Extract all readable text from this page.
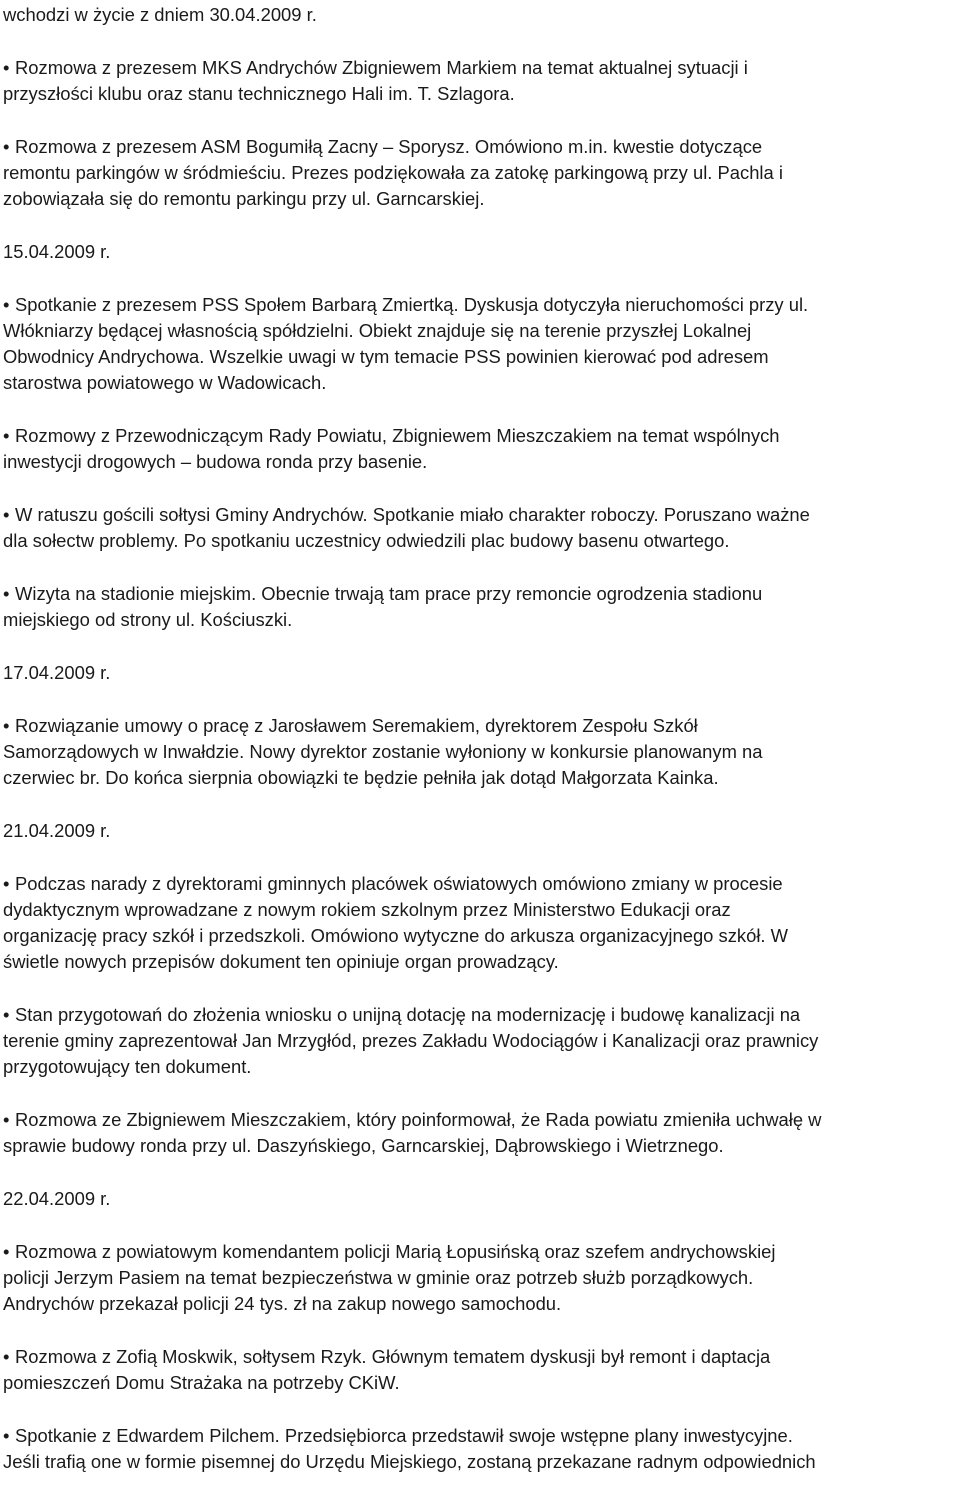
wchodzi w życie z dniem 30.04.2009 r.
•Rozmowa z prezesem MKS Andrychów Zbigniewem Markiem na temat aktualnej sytuacji i
przyszłości klubu oraz stanu technicznego Hali im. T. Szlagora.
•Rozmowa z prezesem ASM Bogumiłą Zacny – Sporysz. Omówiono m.in. kwestie dotyczące
remontu parkingów w śródmieściu. Prezes podziękowała za zatokę parkingową przy ul. Pachla i
zobowiązała się do remontu parkingu przy ul. Garncarskiej.
15.04.2009 r.
•Spotkanie z prezesem PSS Społem Barbarą Zmiertką. Dyskusja dotyczyła nieruchomości przy ul.
Włókniarzy będącej własnością spółdzielni. Obiekt znajduje się na terenie przyszłej Lokalnej
Obwodnicy Andrychowa. Wszelkie uwagi w tym temacie PSS powinien kierować pod adresem
starostwa powiatowego w Wadowicach.
•Rozmowy z Przewodniczącym Rady Powiatu, Zbigniewem Mieszczakiem na temat wspólnych
inwestycji drogowych – budowa ronda przy basenie.
•W ratuszu gościli sołtysi Gminy Andrychów. Spotkanie miało charakter roboczy. Poruszano ważne
dla sołectw problemy. Po spotkaniu uczestnicy odwiedzili plac budowy basenu otwartego.
•Wizyta na stadionie miejskim. Obecnie trwają tam prace przy remoncie ogrodzenia stadionu
miejskiego od strony ul. Kościuszki.
17.04.2009 r.
•Rozwiązanie umowy o pracę z Jarosławem Seremakiem, dyrektorem Zespołu Szkół
Samorządowych w Inwałdzie. Nowy dyrektor zostanie wyłoniony w konkursie planowanym na
czerwiec br. Do końca sierpnia obowiązki te będzie pełniła jak dotąd Małgorzata Kainka.
21.04.2009 r.
•Podczas narady z dyrektorami gminnych placówek oświatowych omówiono zmiany w procesie
dydaktycznym wprowadzane z nowym rokiem szkolnym przez Ministerstwo Edukacji oraz
organizację pracy szkół i przedszkoli. Omówiono wytyczne do arkusza organizacyjnego szkół. W
świetle nowych przepisów dokument ten opiniuje organ prowadzący.
•Stan przygotowań do złożenia wniosku o unijną dotację na modernizację i budowę kanalizacji na
terenie gminy zaprezentował Jan Mrzygłód, prezes Zakładu Wodociągów i Kanalizacji oraz prawnicy
przygotowujący ten dokument.
•Rozmowa ze Zbigniewem Mieszczakiem, który poinformował, że Rada powiatu zmieniła uchwałę w
sprawie budowy ronda przy ul. Daszyńskiego, Garncarskiej, Dąbrowskiego i Wietrznego.
22.04.2009 r.
•Rozmowa z powiatowym komendantem policji Marią Łopusińską oraz szefem andrychowskiej
policji Jerzym Pasiem na temat bezpieczeństwa w gminie oraz potrzeb służb porządkowych.
Andrychów przekazał policji 24 tys. zł na zakup nowego samochodu.
•Rozmowa z Zofią Moskwik, sołtysem Rzyk. Głównym tematem dyskusji był remont i daptacja
pomieszczeń Domu Strażaka na potrzeby CKiW.
•Spotkanie z Edwardem Pilchem. Przedsiębiorca przedstawił swoje wstępne plany inwestycyjne.
Jeśli trafią one w formie pisemnej do Urzędu Miejskiego, zostaną przekazane radnym odpowiednich
